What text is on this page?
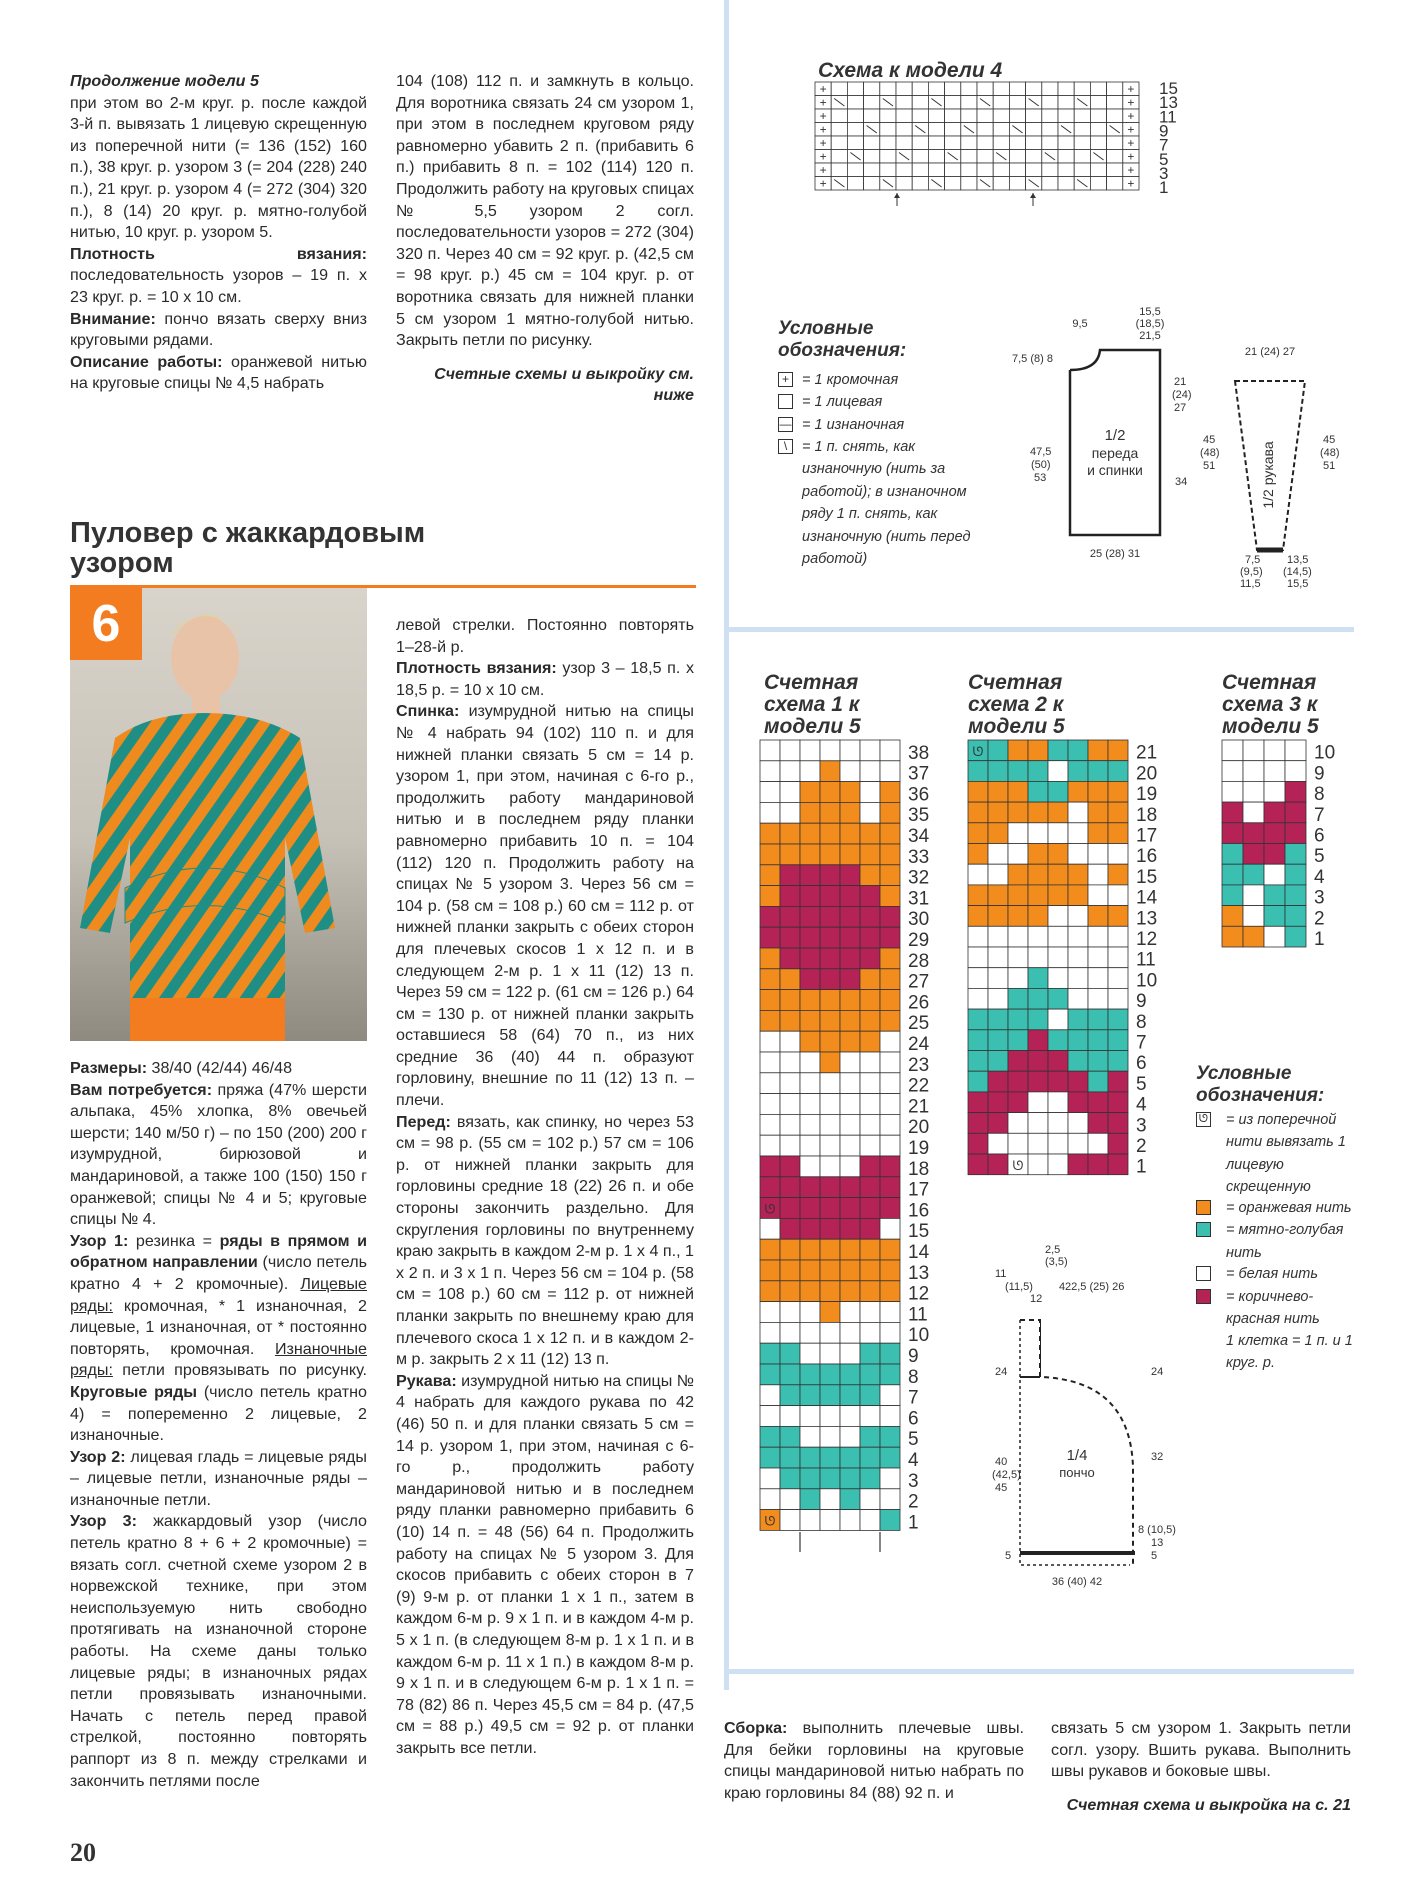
Продолжение модели 5

при этом во 2-м круг. р. после каждой 3-й п. вывязать 1 лицевую скрещенную из поперечной нити (= 136 (152) 160 п.), 38 круг. р. узором 3 (= 204 (228) 240 п.), 21 круг. р. узором 4 (= 272 (304) 320 п.), 8 (14) 20 круг. р. мятно-голубой нитью, 10 круг. р. узором 5.

Плотность вязания: последовательность узоров – 19 п. х 23 круг. р. = 10 х 10 см.

Внимание: пончо вязать сверху вниз круговыми рядами.

Описание работы: оранжевой нитью на круговые спицы № 4,5 набрать

104 (108) 112 п. и замкнуть в кольцо. Для воротника связать 24 см узором 1, при этом в последнем круговом ряду равномерно убавить 2 п. (прибавить 6 п.) прибавить 8 п. = 102 (114) 120 п. Продолжить работу на круговых спицах № 5,5 узором 2 согл. последовательности узоров = 272 (304) 320 п. Через 40 см = 92 круг. р. (42,5 см = 98 круг. р.) 45 см = 104 круг. р. от воротника связать для нижней планки 5 см узором 1 мятно-голубой нитью. Закрыть петли по рисунку.

Счетные схемы и выкройку см. ниже

Пуловер с жаккардовым узором
6

Размеры: 38/40 (42/44) 46/48

Вам потребуется: пряжа (47% шерсти альпака, 45% хлопка, 8% овечьей шерсти; 140 м/50 г) – по 150 (200) 200 г изумрудной, бирюзовой и мандариновой, а также 100 (150) 150 г оранжевой; спицы № 4 и 5; круговые спицы № 4.

Узор 1: резинка = ряды в прямом и обратном направлении (число петель кратно 4 + 2 кромочные). Лицевые ряды: кромочная, * 1 изнаночная, 2 лицевые, 1 изнаночная, от * постоянно повторять, кромочная. Изнаночные ряды: петли провязывать по рисунку. Круговые ряды (число петель кратно 4) = попеременно 2 лицевые, 2 изнаночные.

Узор 2: лицевая гладь = лицевые ряды – лицевые петли, изнаночные ряды – изнаночные петли.

Узор 3: жаккардовый узор (число петель кратно 8 + 6 + 2 кромочные) = вязать согл. счетной схеме узором 2 в норвежской технике, при этом неиспользуемую нить свободно протягивать на изнаночной стороне работы. На схеме даны только лицевые ряды; в изнаночных рядах петли провязывать изнаночными. Начать с петель перед правой стрелкой, постоянно повторять раппорт из 8 п. между стрелками и закончить петлями после

левой стрелки. Постоянно повторять 1–28-й р.

Плотность вязания: узор 3 – 18,5 п. х 18,5 р. = 10 х 10 см.

Спинка: изумрудной нитью на спицы № 4 набрать 94 (102) 110 п. и для нижней планки связать 5 см = 14 р. узором 1, при этом, начиная с 6-го р., продолжить работу мандариновой нитью и в последнем ряду планки равномерно прибавить 10 п. = 104 (112) 120 п. Продолжить работу на спицах № 5 узором 3. Через 56 см = 104 р. (58 см = 108 р.) 60 см = 112 р. от нижней планки закрыть с обеих сторон для плечевых скосов 1 х 12 п. и в следующем 2-м р. 1 х 11 (12) 13 п. Через 59 см = 122 р. (61 см = 126 р.) 64 см = 130 р. от нижней планки закрыть оставшиеся 58 (64) 70 п., из них средние 36 (40) 44 п. образуют горловину, внешние по 11 (12) 13 п. – плечи.

Перед: вязать, как спинку, но через 53 см = 98 р. (55 см = 102 р.) 57 см = 106 р. от нижней планки закрыть для горловины средние 18 (22) 26 п. и обе стороны закончить раздельно. Для скругления горловины по внутреннему краю закрыть в каждом 2-м р. 1 х 4 п., 1 х 2 п. и 3 х 1 п. Через 56 см = 104 р. (58 см = 108 р.) 60 см = 112 р. от нижней планки закрыть по внешнему краю для плечевого скоса 1 х 12 п. и в каждом 2-м р. закрыть 2 х 11 (12) 13 п.

Рукава: изумрудной нитью на спицы № 4 набрать для каждого рукава по 42 (46) 50 п. и для планки связать 5 см = 14 р. узором 1, при этом, начиная с 6-го р., продолжить работу мандариновой нитью и в последнем ряду планки равномерно прибавить 6 (10) 14 п. = 48 (56) 64 п. Продолжить работу на спицах № 5 узором 3. Для скосов прибавить с обеих сторон в 7 (9) 9-м р. от планки 1 х 1 п., затем в каждом 6-м р. 9 х 1 п. и в каждом 4-м р. 5 х 1 п. (в следующем 8-м р. 1 х 1 п. и в каждом 6-м р. 11 х 1 п.) в каждом 8-м р. 9 х 1 п. и в следующем 6-м р. 1 х 1 п. = 78 (82) 86 п. Через 45,5 см = 84 р. (47,5 см = 88 р.) 49,5 см = 92 р. от планки закрыть все петли.

20
Схема к модели 4
+	+
+	+
+	+
+	+
+	+
+	+
+	+
+	+
15
13
11
9
7
5
3
1
Условные обозначения:
+ = 1 кромочная
= 1 лицевая
— = 1 изнаночная
\	= 1 п. снять, как изнаночную (нить за работой); в изнаночном ряду 1 п. снять, как изнаночную (нить перед работой)
1/2
переда
и спинки
15,5
(18,5)
21,5
9,5
7,5 (8) 8
21
(24)
27
47,5
(50)
53	34
25 (28) 31
21 (24) 27
1/2 рукава
45
(48)
51
45
(48)
51
7,5
(9,5)
11,5
13,5
(14,5)
15,5
Счетная схема 1 к модели 5
38
37
36
35
34
33
32
31
30
29
28
27
26
25
24
23
22
21
20
19
18
17
16
15
14
13
12
11
10
9
8
7
6
5
4
3
2
1
ᘎ
ᘎ
Счетная схема 2 к модели 5
21
20
19
18
17
16
15
14
13
12
11
10
9
8
7
6
5
4
3
2
1
ᘎ
ᘎ
Счетная схема 3 к модели 5
10
9
8
7
6
5
4
3
2
1
Условные обозначения:
ᘎ = из поперечной нити вывязать 1 лицевую скрещенную
= оранжевая нить
= мятно-голубая нить
= белая нить
= коричнево-красная нить
1 клетка = 1 п. и 1 круг. р.
1/4
пончо
2,5
(3,5)
11
(11,5)
12
4 22,5 (25) 26
24	24
40
(42,5)
45
32
8 (10,5)
13
5	5
36 (40) 42

Сборка: выполнить плечевые швы. Для бейки горловины на круговые спицы мандариновой нитью набрать по краю горловины 84 (88) 92 п. и

связать 5 см узором 1. Закрыть петли согл. узору. Вшить рукава. Выполнить швы рукавов и боковые швы.

Счетная схема и выкройка на с. 21
